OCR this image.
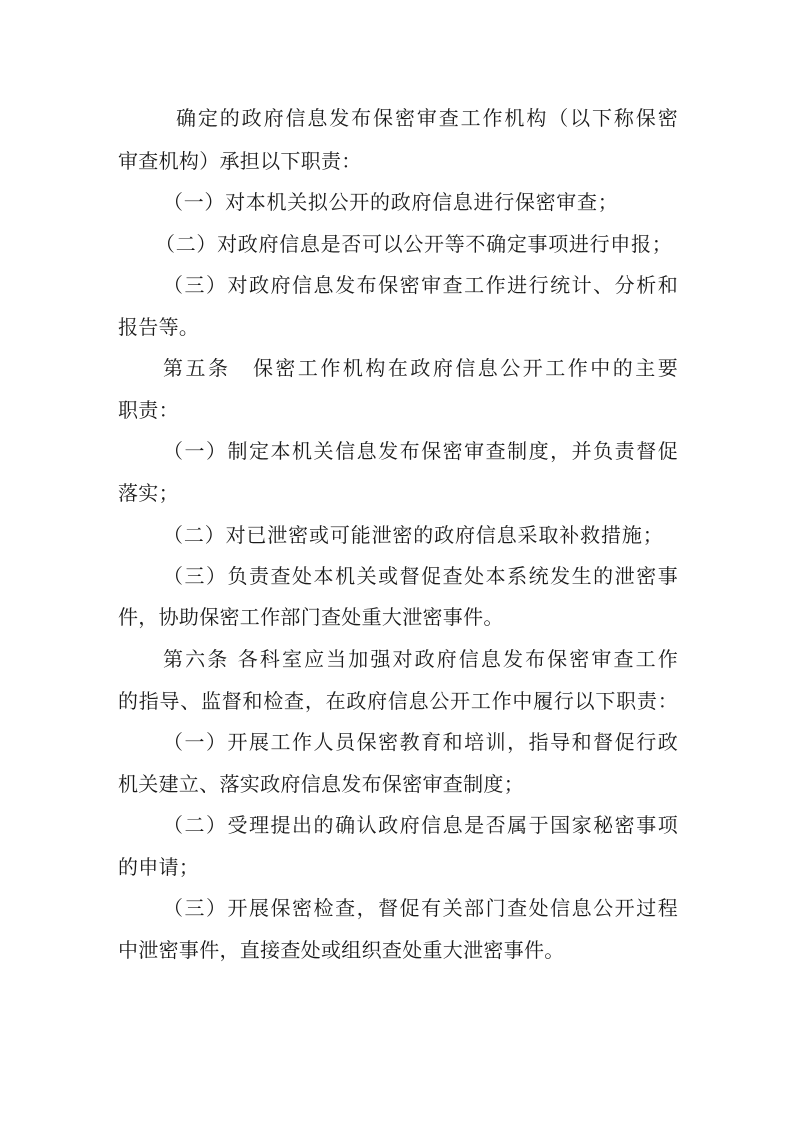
确定的政府信息发布保密审查工作机构（以下称保密
审查机构）承担以下职责：
（一）对本机关拟公开的政府信息进行保密审查；
（二）对政府信息是否可以公开等不确定事项进行申报；
（三）对政府信息发布保密审查工作进行统计、分析和
报告等。
第五条　保密工作机构在政府信息公开工作中的主要
职责：
（一）制定本机关信息发布保密审查制度，并负责督促
落实；
（二）对已泄密或可能泄密的政府信息采取补救措施；
（三）负责查处本机关或督促查处本系统发生的泄密事
件，协助保密工作部门查处重大泄密事件。
第六条 各科室应当加强对政府信息发布保密审查工作
的指导、监督和检查，在政府信息公开工作中履行以下职责：
（一）开展工作人员保密教育和培训，指导和督促行政
机关建立、落实政府信息发布保密审查制度；
（二）受理提出的确认政府信息是否属于国家秘密事项
的申请；
（三）开展保密检查，督促有关部门查处信息公开过程
中泄密事件，直接查处或组织查处重大泄密事件。
